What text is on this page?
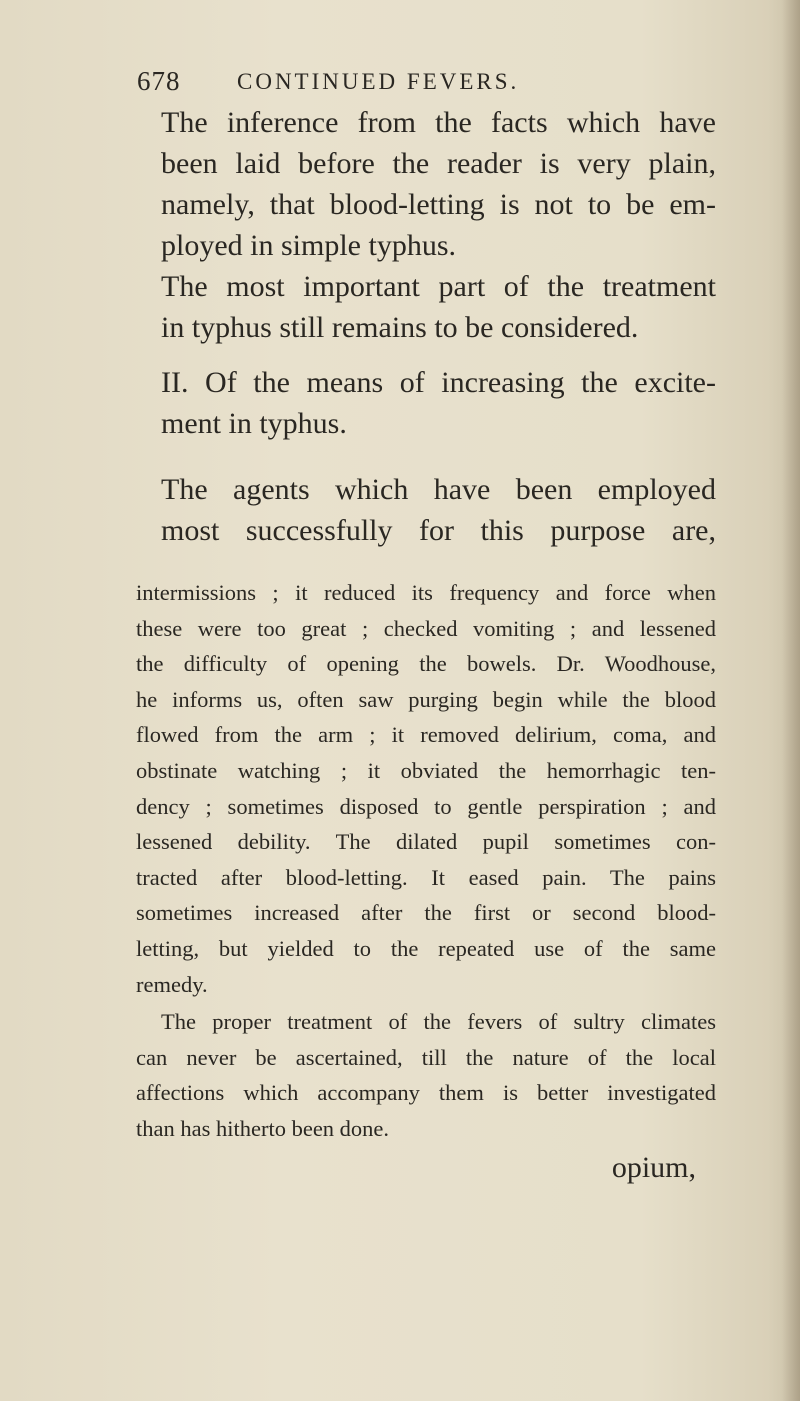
678 CONTINUED FEVERS.

The inference from the facts which have
been laid before the reader is very plain,
namely, that blood-letting is not to be em-
ployed in simple typhus.

The most important part of the treatment
in typhus still remains to be considered.

II. Of the means of increasing the excite-
ment in typhus.

The agents which have been employed
most successfully for this purpose are,

intermissions ; it reduced its frequency and force when
these were too great ; checked vomiting ; and lessened
the difficulty of opening the bowels. Dr. Woodhouse,
he informs us, often saw purging begin while the blood
flowed from the arm ; it removed delirium, coma, and
obstinate watching ; it obviated the hemorrhagic ten-
dency ; sometimes disposed to gentle perspiration ; and
lessened debility. The dilated pupil sometimes con-
tracted after blood-letting. It eased pain. The pains
sometimes increased after the first or second blood-
letting, but yielded to the repeated use of the same
remedy.
The proper treatment of the fevers of sultry climates
can never be ascertained, till the nature of the local
affections which accompany them is better investigated
than has hitherto been done.
opium,
